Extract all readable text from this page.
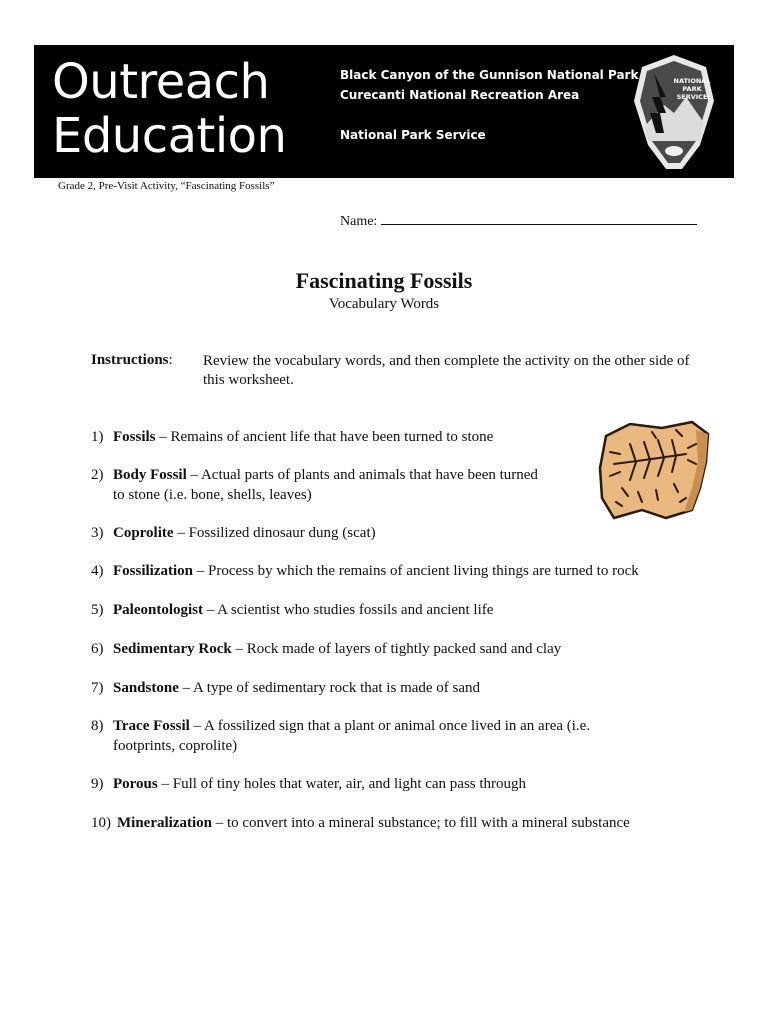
Outreach
Education
Black Canyon of the Gunnison National Park
Curecanti National Recreation Area
National Park Service
NATIONAL
PARK
SERVICE
Grade 2, Pre-Visit Activity, “Fascinating Fossils”
Name:
Fascinating Fossils
Vocabulary Words
Instructions: Review the vocabulary words, and then complete the activity on the other side of this worksheet.
1) Fossils – Remains of ancient life that have been turned to stone
2) Body Fossil – Actual parts of plants and animals that have been turned
to stone (i.e. bone, shells, leaves)
3) Coprolite – Fossilized dinosaur dung (scat)
4) Fossilization – Process by which the remains of ancient living things are turned to rock
5) Paleontologist – A scientist who studies fossils and ancient life
6) Sedimentary Rock – Rock made of layers of tightly packed sand and clay
7) Sandstone – A type of sedimentary rock that is made of sand
8) Trace Fossil – A fossilized sign that a plant or animal once lived in an area (i.e.
footprints, coprolite)
9) Porous – Full of tiny holes that water, air, and light can pass through
10) Mineralization – to convert into a mineral substance; to fill with a mineral substance
